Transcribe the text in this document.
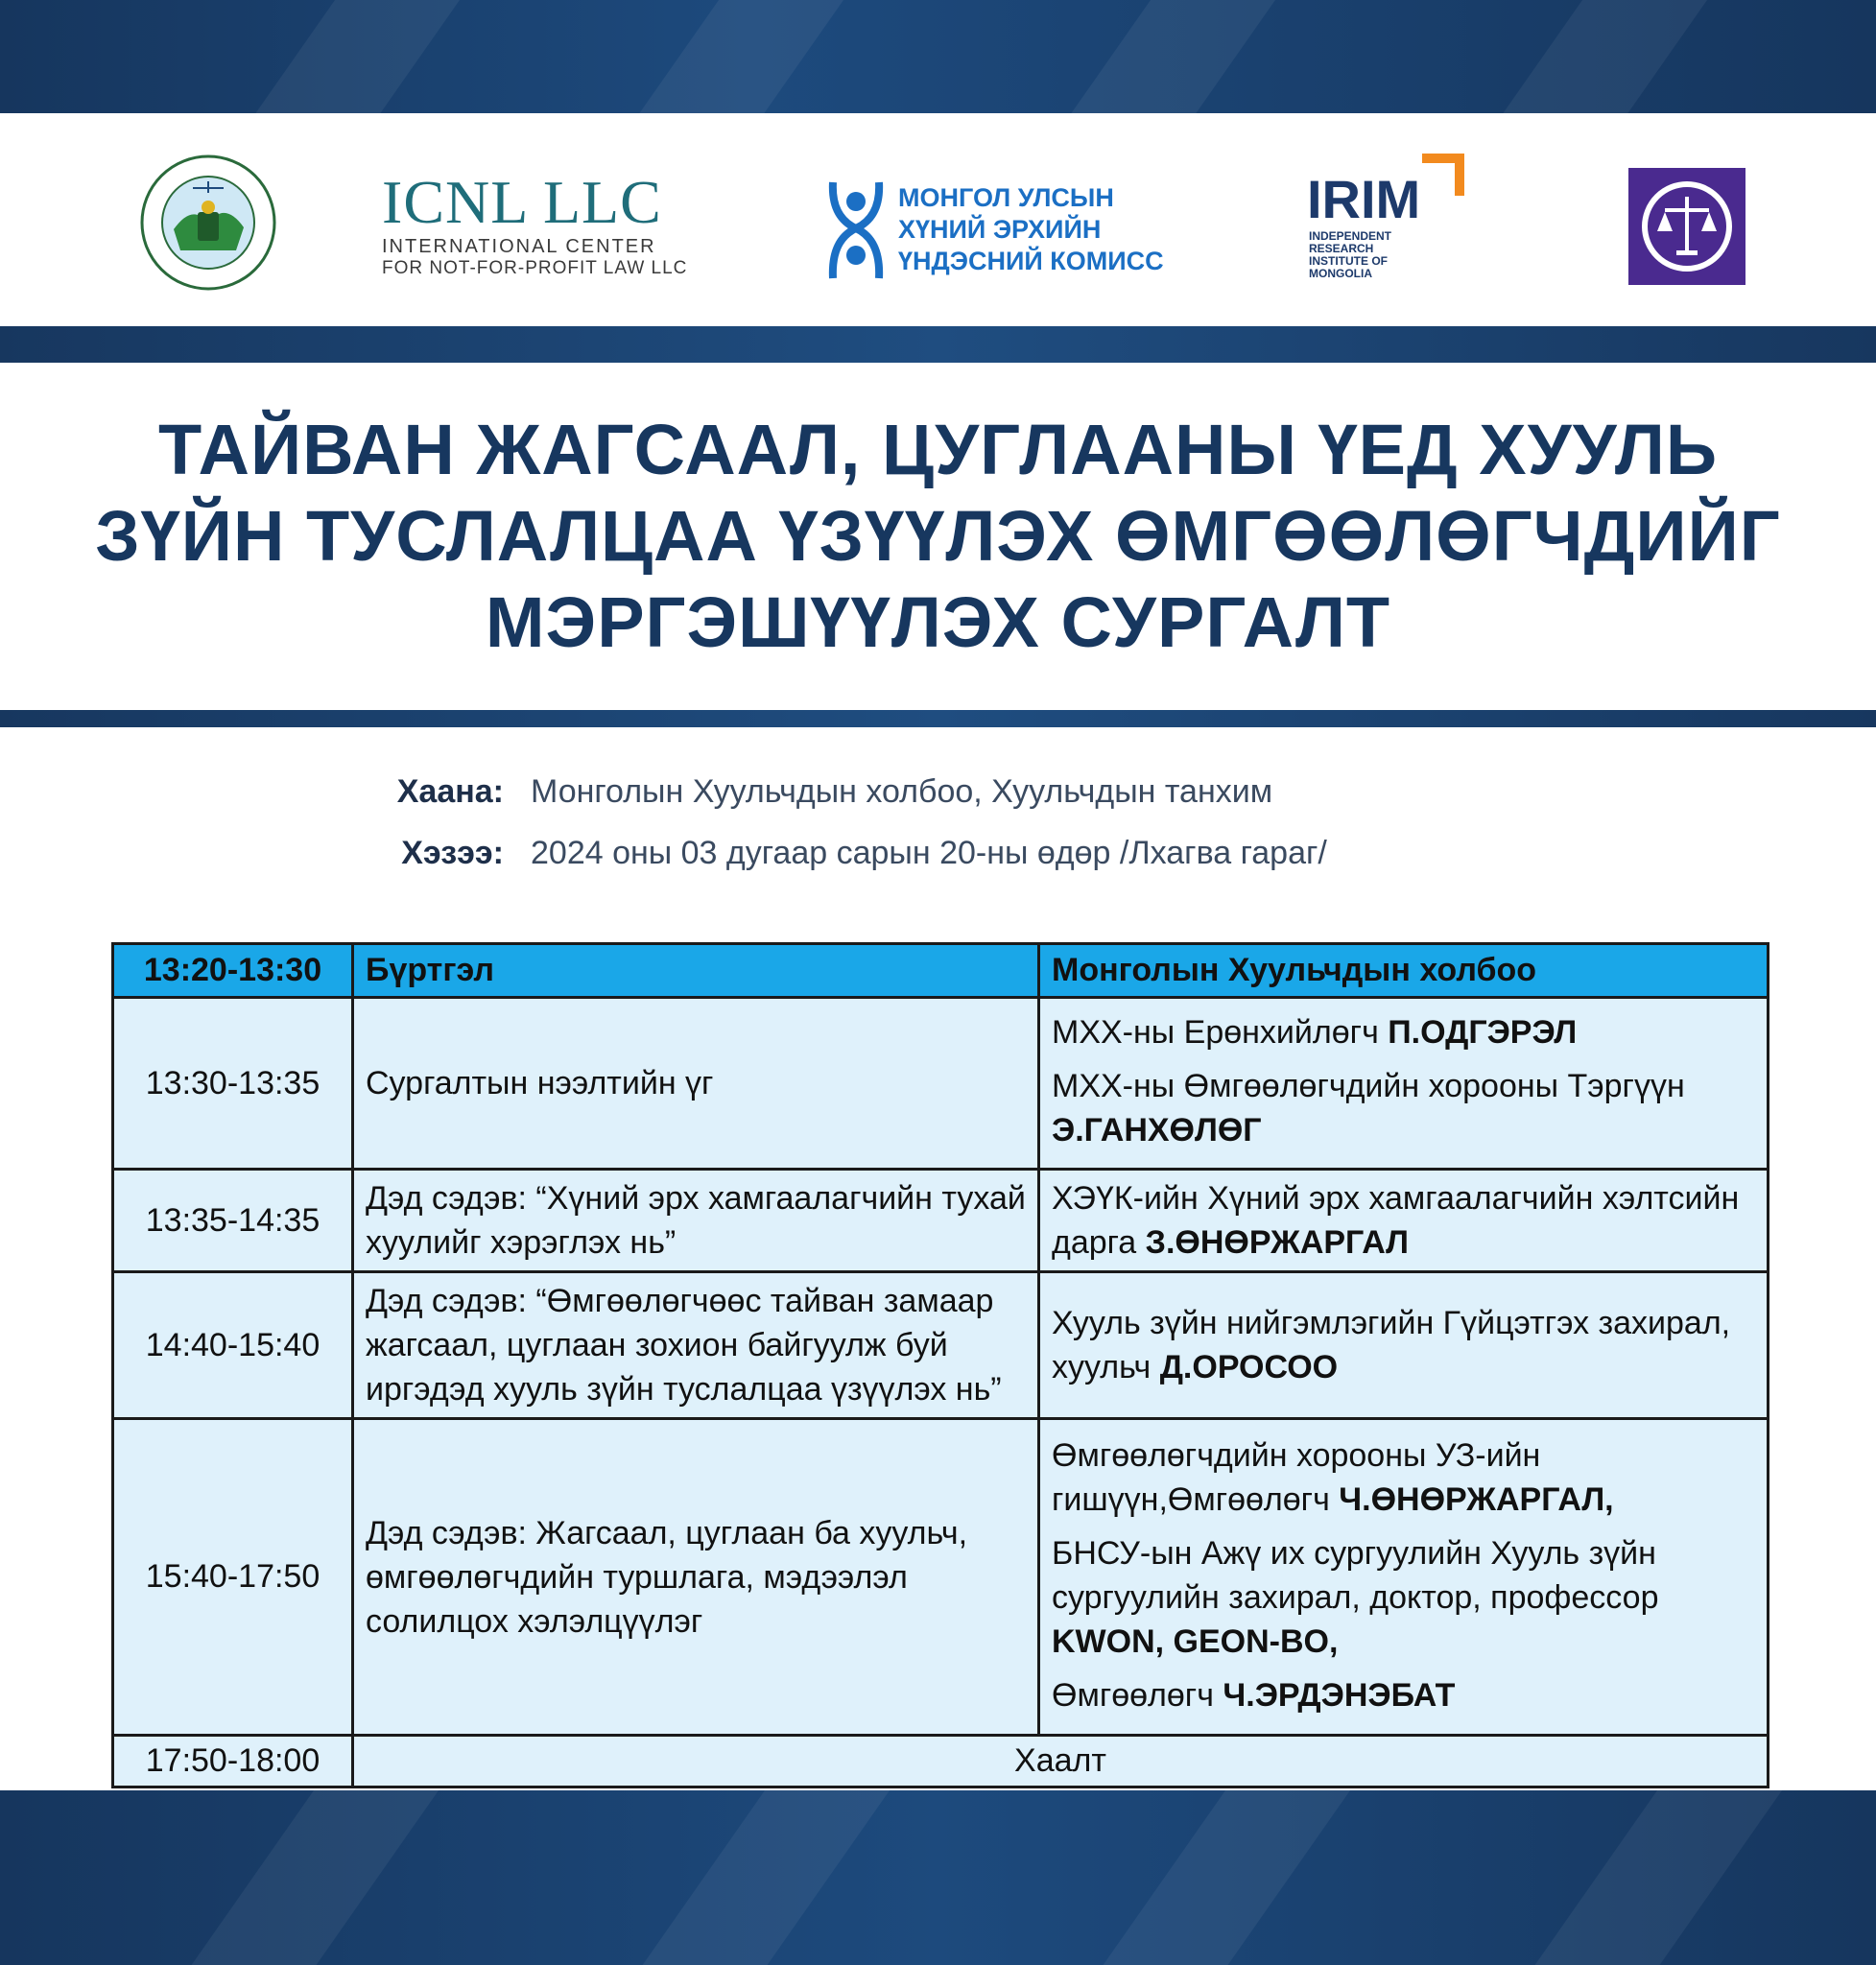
ICNL LLC
INTERNATIONAL CENTER
FOR NOT-FOR-PROFIT LAW LLC
МОНГОЛ УЛСЫН
ХҮНИЙ ЭРХИЙН
ҮНДЭСНИЙ КОМИСС
IRIM
INDEPENDENT
RESEARCH
INSTITUTE OF
MONGOLIA
ТАЙВАН ЖАГСААЛ, ЦУГЛААНЫ ҮЕД ХУУЛЬ
ЗҮЙН ТУСЛАЛЦАА ҮЗҮҮЛЭХ ӨМГӨӨЛӨГЧДИЙГ
МЭРГЭШҮҮЛЭХ СУРГАЛТ
Хаана: Монголын Хуульчдын холбоо, Хуульчдын танхим
Хэзээ: 2024 оны 03 дугаар сарын 20-ны өдөр /Лхагва гараг/
13:20-13:30	Бүртгэл	Монголын Хуульчдын холбоо
13:30-13:35	Сургалтын нээлтийн үг	МХХ-ны Ерөнхийлөгч П.ОДГЭРЭЛ
МХХ-ны Өмгөөлөгчдийн хорооны Тэргүүн Э.ГАНХӨЛӨГ

13:35-14:35	Дэд сэдэв: “Хүний эрх хамгаалагчийн тухай хуулийг хэрэглэх нь”	ХЭҮК-ийн Хүний эрх хамгаалагчийн хэлтсийн дарга З.ӨНӨРЖАРГАЛ

14:40-15:40	Дэд сэдэв: “Өмгөөлөгчөөс тайван замаар жагсаал, цуглаан зохион байгуулж буй иргэдэд хууль зүйн туслалцаа үзүүлэх нь”	Хууль зүйн нийгэмлэгийн Гүйцэтгэх захирал, хуульч Д.ОРОСОО

15:40-17:50	Дэд сэдэв: Жагсаал, цуглаан ба хуульч, өмгөөлөгчдийн туршлага, мэдээлэл солилцох хэлэлцүүлэг	Өмгөөлөгчдийн хорооны УЗ-ийн гишүүн,Өмгөөлөгч Ч.ӨНӨРЖАРГАЛ,
БНСУ-ын Ажү их сургуулийн Хууль зүйн сургуулийн захирал, доктор, профессор KWON, GEON-BO,
Өмгөөлөгч Ч.ЭРДЭНЭБАТ

17:50-18:00	Хаалт	
